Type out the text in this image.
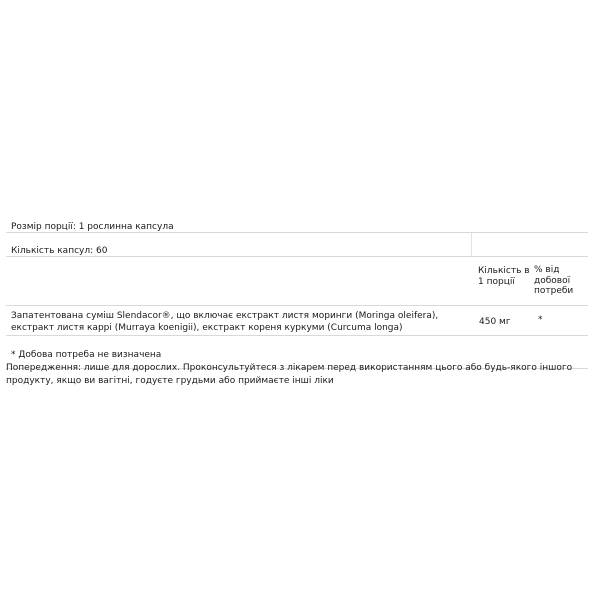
Розмір порції: 1 рослинна капсула
Кількість капсул: 60
Кількість в 1 порції
% від добової потреби
Запатентована суміш Slendacor®, що включає екстракт листя моринги (Moringa oleifera), екстракт листя каррі (Murraya koenigii), екстракт кореня куркуми (Curcuma longa)
450 мг	*
* Добова потреба не визначена
Попередження: лише для дорослих. Проконсультуйтеся з лікарем перед використанням цього або будь-якого іншого продукту, якщо ви вагітні, годуєте грудьми або приймаєте інші ліки
